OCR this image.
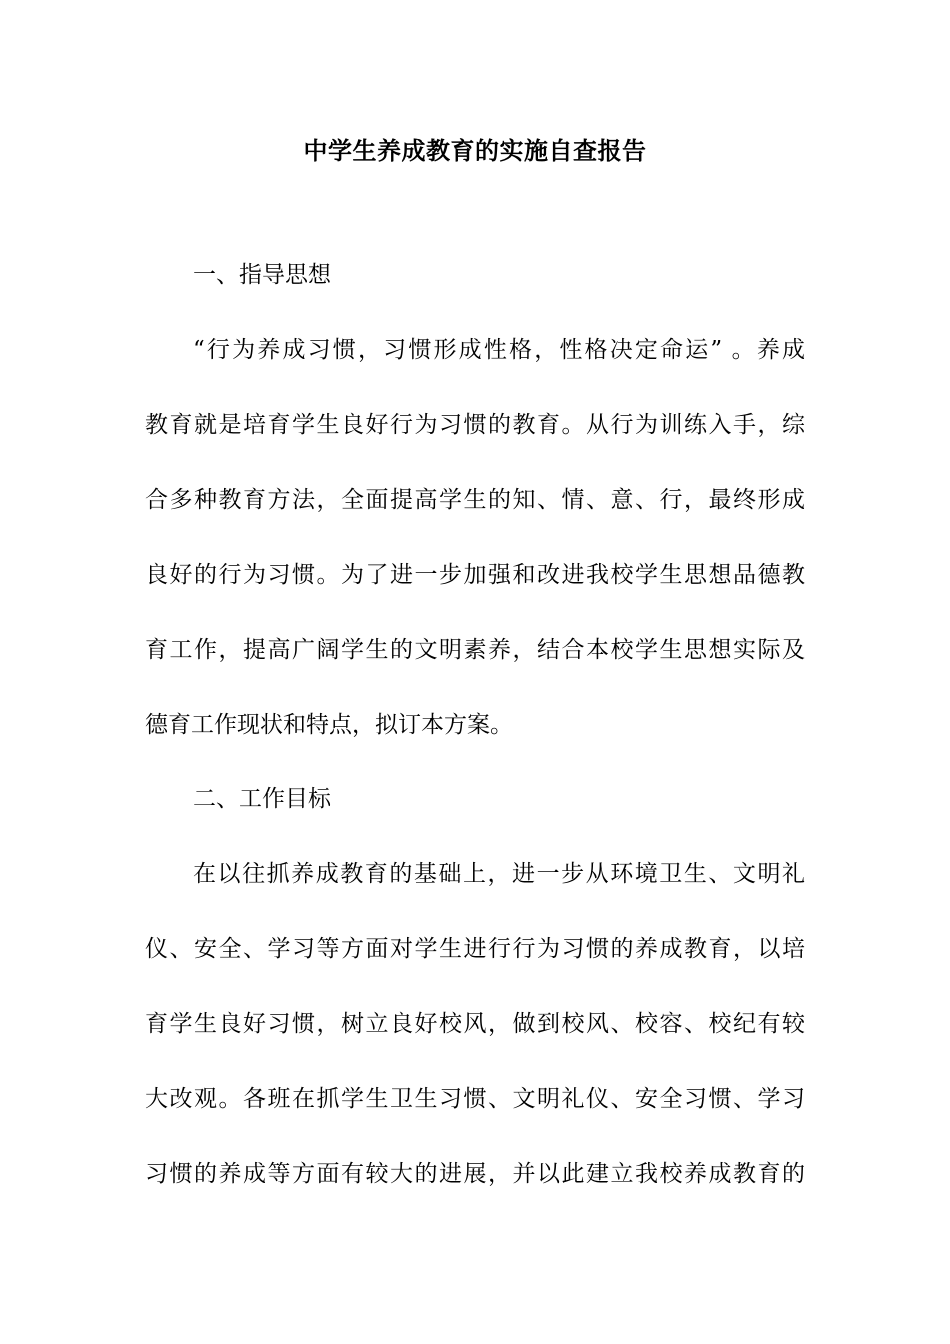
中学生养成教育的实施自查报告

一、指导思想

“行为养成习惯，习惯形成性格，性格决定命运” 。养成

教育就是培育学生良好行为习惯的教育。从行为训练入手，综

合多种教育方法，全面提高学生的知、情、意、行，最终形成

良好的行为习惯。为了进一步加强和改进我校学生思想品德教

育工作，提高广阔学生的文明素养，结合本校学生思想实际及

德育工作现状和特点，拟订本方案。

二、工作目标

在以往抓养成教育的基础上，进一步从环境卫生、文明礼

仪、安全、学习等方面对学生进行行为习惯的养成教育，以培

育学生良好习惯，树立良好校风，做到校风、校容、校纪有较

大改观。各班在抓学生卫生习惯、文明礼仪、安全习惯、学习

习惯的养成等方面有较大的进展，并以此建立我校养成教育的
